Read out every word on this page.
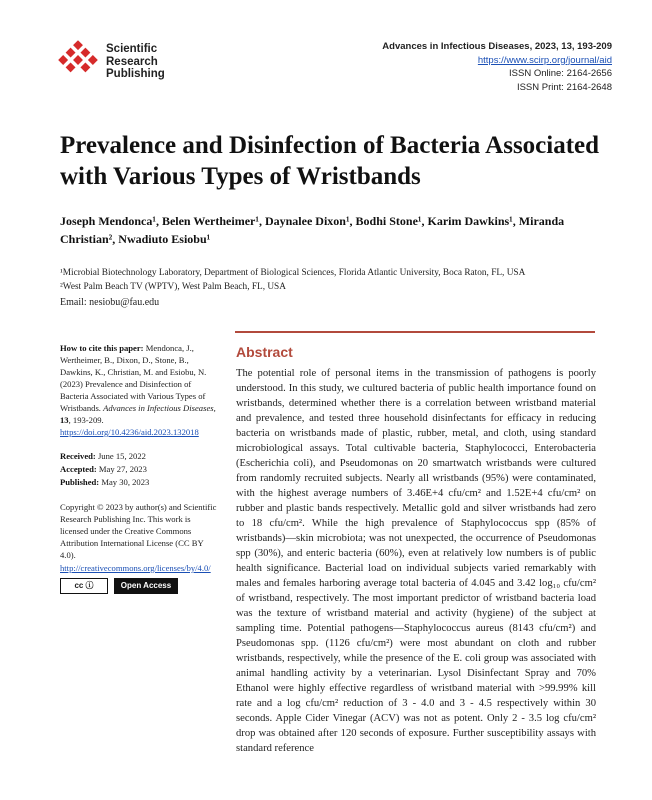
Scientific
Research
Publishing
Advances in Infectious Diseases, 2023, 13, 193-209
https://www.scirp.org/journal/aid
ISSN Online: 2164-2656
ISSN Print: 2164-2648
Prevalence and Disinfection of Bacteria Associated with Various Types of Wristbands
Joseph Mendonca¹, Belen Wertheimer¹, Daynalee Dixon¹, Bodhi Stone¹, Karim Dawkins¹, Miranda Christian², Nwadiuto Esiobu¹
¹Microbial Biotechnology Laboratory, Department of Biological Sciences, Florida Atlantic University, Boca Raton, FL, USA
²West Palm Beach TV (WPTV), West Palm Beach, FL, USA
Email: nesiobu@fau.edu
How to cite this paper: Mendonca, J., Wertheimer, B., Dixon, D., Stone, B., Dawkins, K., Christian, M. and Esiobu, N. (2023) Prevalence and Disinfection of Bacteria Associated with Various Types of Wristbands. Advances in Infectious Diseases, 13, 193-209. https://doi.org/10.4236/aid.2023.132018
Received: June 15, 2022
Accepted: May 27, 2023
Published: May 30, 2023
Copyright © 2023 by author(s) and Scientific Research Publishing Inc. This work is licensed under the Creative Commons Attribution International License (CC BY 4.0).
http://creativecommons.org/licenses/by/4.0/
cc ⓘ	Open Access
Abstract

The potential role of personal items in the transmission of pathogens is poorly understood. In this study, we cultured bacteria of public health importance found on wristbands, determined whether there is a correlation between wristband material and prevalence, and tested three household disinfectants for efficacy in reducing bacteria on wristbands made of plastic, rubber, metal, and cloth, using standard microbiological assays. Total cultivable bacteria, Staphylococci, Enterobacteria (Escherichia coli), and Pseudomonas on 20 smartwatch wristbands were cultured from randomly recruited subjects. Nearly all wristbands (95%) were contaminated, with the highest average numbers of 3.46E+4 cfu/cm² and 1.52E+4 cfu/cm² on rubber and plastic bands respectively. Metallic gold and silver wristbands had zero to 18 cfu/cm². While the high prevalence of Staphylococcus spp (85% of wristbands)—skin microbiota; was not unexpected, the occurrence of Pseudomonas spp (30%), and enteric bacteria (60%), even at relatively low numbers is of public health significance. Bacterial load on individual subjects varied remarkably with males and females harboring average total bacteria of 4.045 and 3.42 log₁₀ cfu/cm² of wristband, respectively. The most important predictor of wristband bacteria load was the texture of wristband material and activity (hygiene) of the subject at sampling time. Potential pathogens—Staphylococcus aureus (8143 cfu/cm²) and Pseudomonas spp. (1126 cfu/cm²) were most abundant on cloth and rubber wristbands, respectively, while the presence of the E. coli group was associated with animal handling activity by a veterinarian. Lysol Disinfectant Spray and 70% Ethanol were highly effective regardless of wristband material with >99.99% kill rate and a log cfu/cm² reduction of 3 - 4.0 and 3 - 4.5 respectively within 30 seconds. Apple Cider Vinegar (ACV) was not as potent. Only 2 - 3.5 log cfu/cm² drop was obtained after 120 seconds of exposure. Further susceptibility assays with standard reference
